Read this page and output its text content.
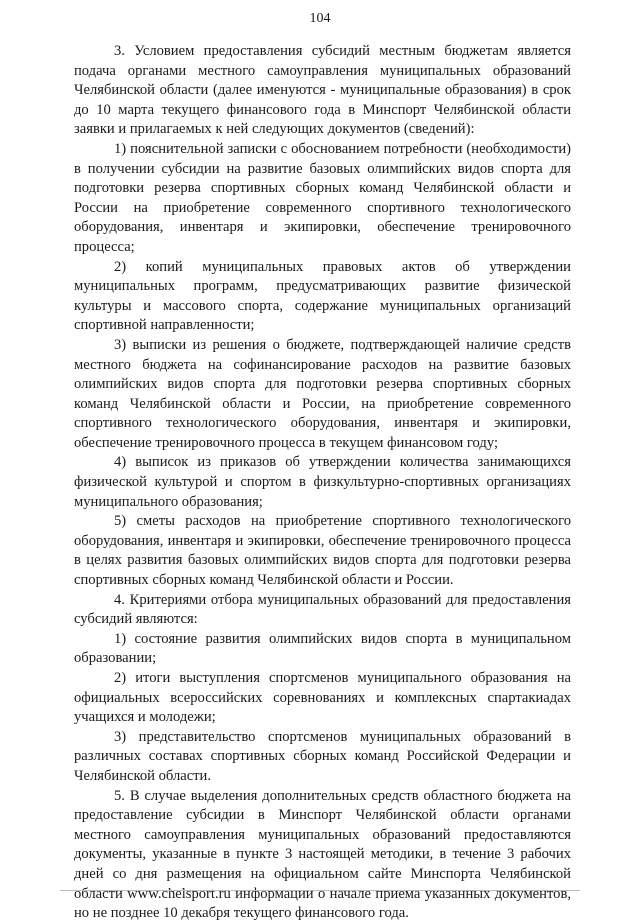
104

3. Условием предоставления субсидий местным бюджетам является подача органами местного самоуправления муниципальных образований Челябинской области (далее именуются - муниципальные образования) в срок до 10 марта текущего финансового года в Минспорт Челябинской области заявки и прилагаемых к ней следующих документов (сведений):

1) пояснительной записки с обоснованием потребности (необходимости) в получении субсидии на развитие базовых олимпийских видов спорта для подготовки резерва спортивных сборных команд Челябинской области и России на приобретение современного спортивного технологического оборудования, инвентаря и экипировки, обеспечение тренировочного процесса;

2) копий муниципальных правовых актов об утверждении муниципальных программ, предусматривающих развитие физической культуры и массового спорта, содержание муниципальных организаций спортивной направленности;

3) выписки из решения о бюджете, подтверждающей наличие средств местного бюджета на софинансирование расходов на развитие базовых олимпийских видов спорта для подготовки резерва спортивных сборных команд Челябинской области и России, на приобретение современного спортивного технологического оборудования, инвентаря и экипировки, обеспечение тренировочного процесса в текущем финансовом году;

4) выписок из приказов об утверждении количества занимающихся физической культурой и спортом в физкультурно-спортивных организациях муниципального образования;

5) сметы расходов на приобретение спортивного технологического оборудования, инвентаря и экипировки, обеспечение тренировочного процесса в целях развития базовых олимпийских видов спорта для подготовки резерва спортивных сборных команд Челябинской области и России.

4. Критериями отбора муниципальных образований для предоставления субсидий являются:

1) состояние развития олимпийских видов спорта в муниципальном образовании;

2) итоги выступления спортсменов муниципального образования на официальных всероссийских соревнованиях и комплексных спартакиадах учащихся и молодежи;

3) представительство спортсменов муниципальных образований в различных составах спортивных сборных команд Российской Федерации и Челябинской области.

5. В случае выделения дополнительных средств областного бюджета на предоставление субсидии в Минспорт Челябинской области органами местного самоуправления муниципальных образований предоставляются документы, указанные в пункте 3 настоящей методики, в течение 3 рабочих дней со дня размещения на официальном сайте Минспорта Челябинской области www.chelsport.ru информации о начале приема указанных документов, но не позднее 10 декабря текущего финансового года.
